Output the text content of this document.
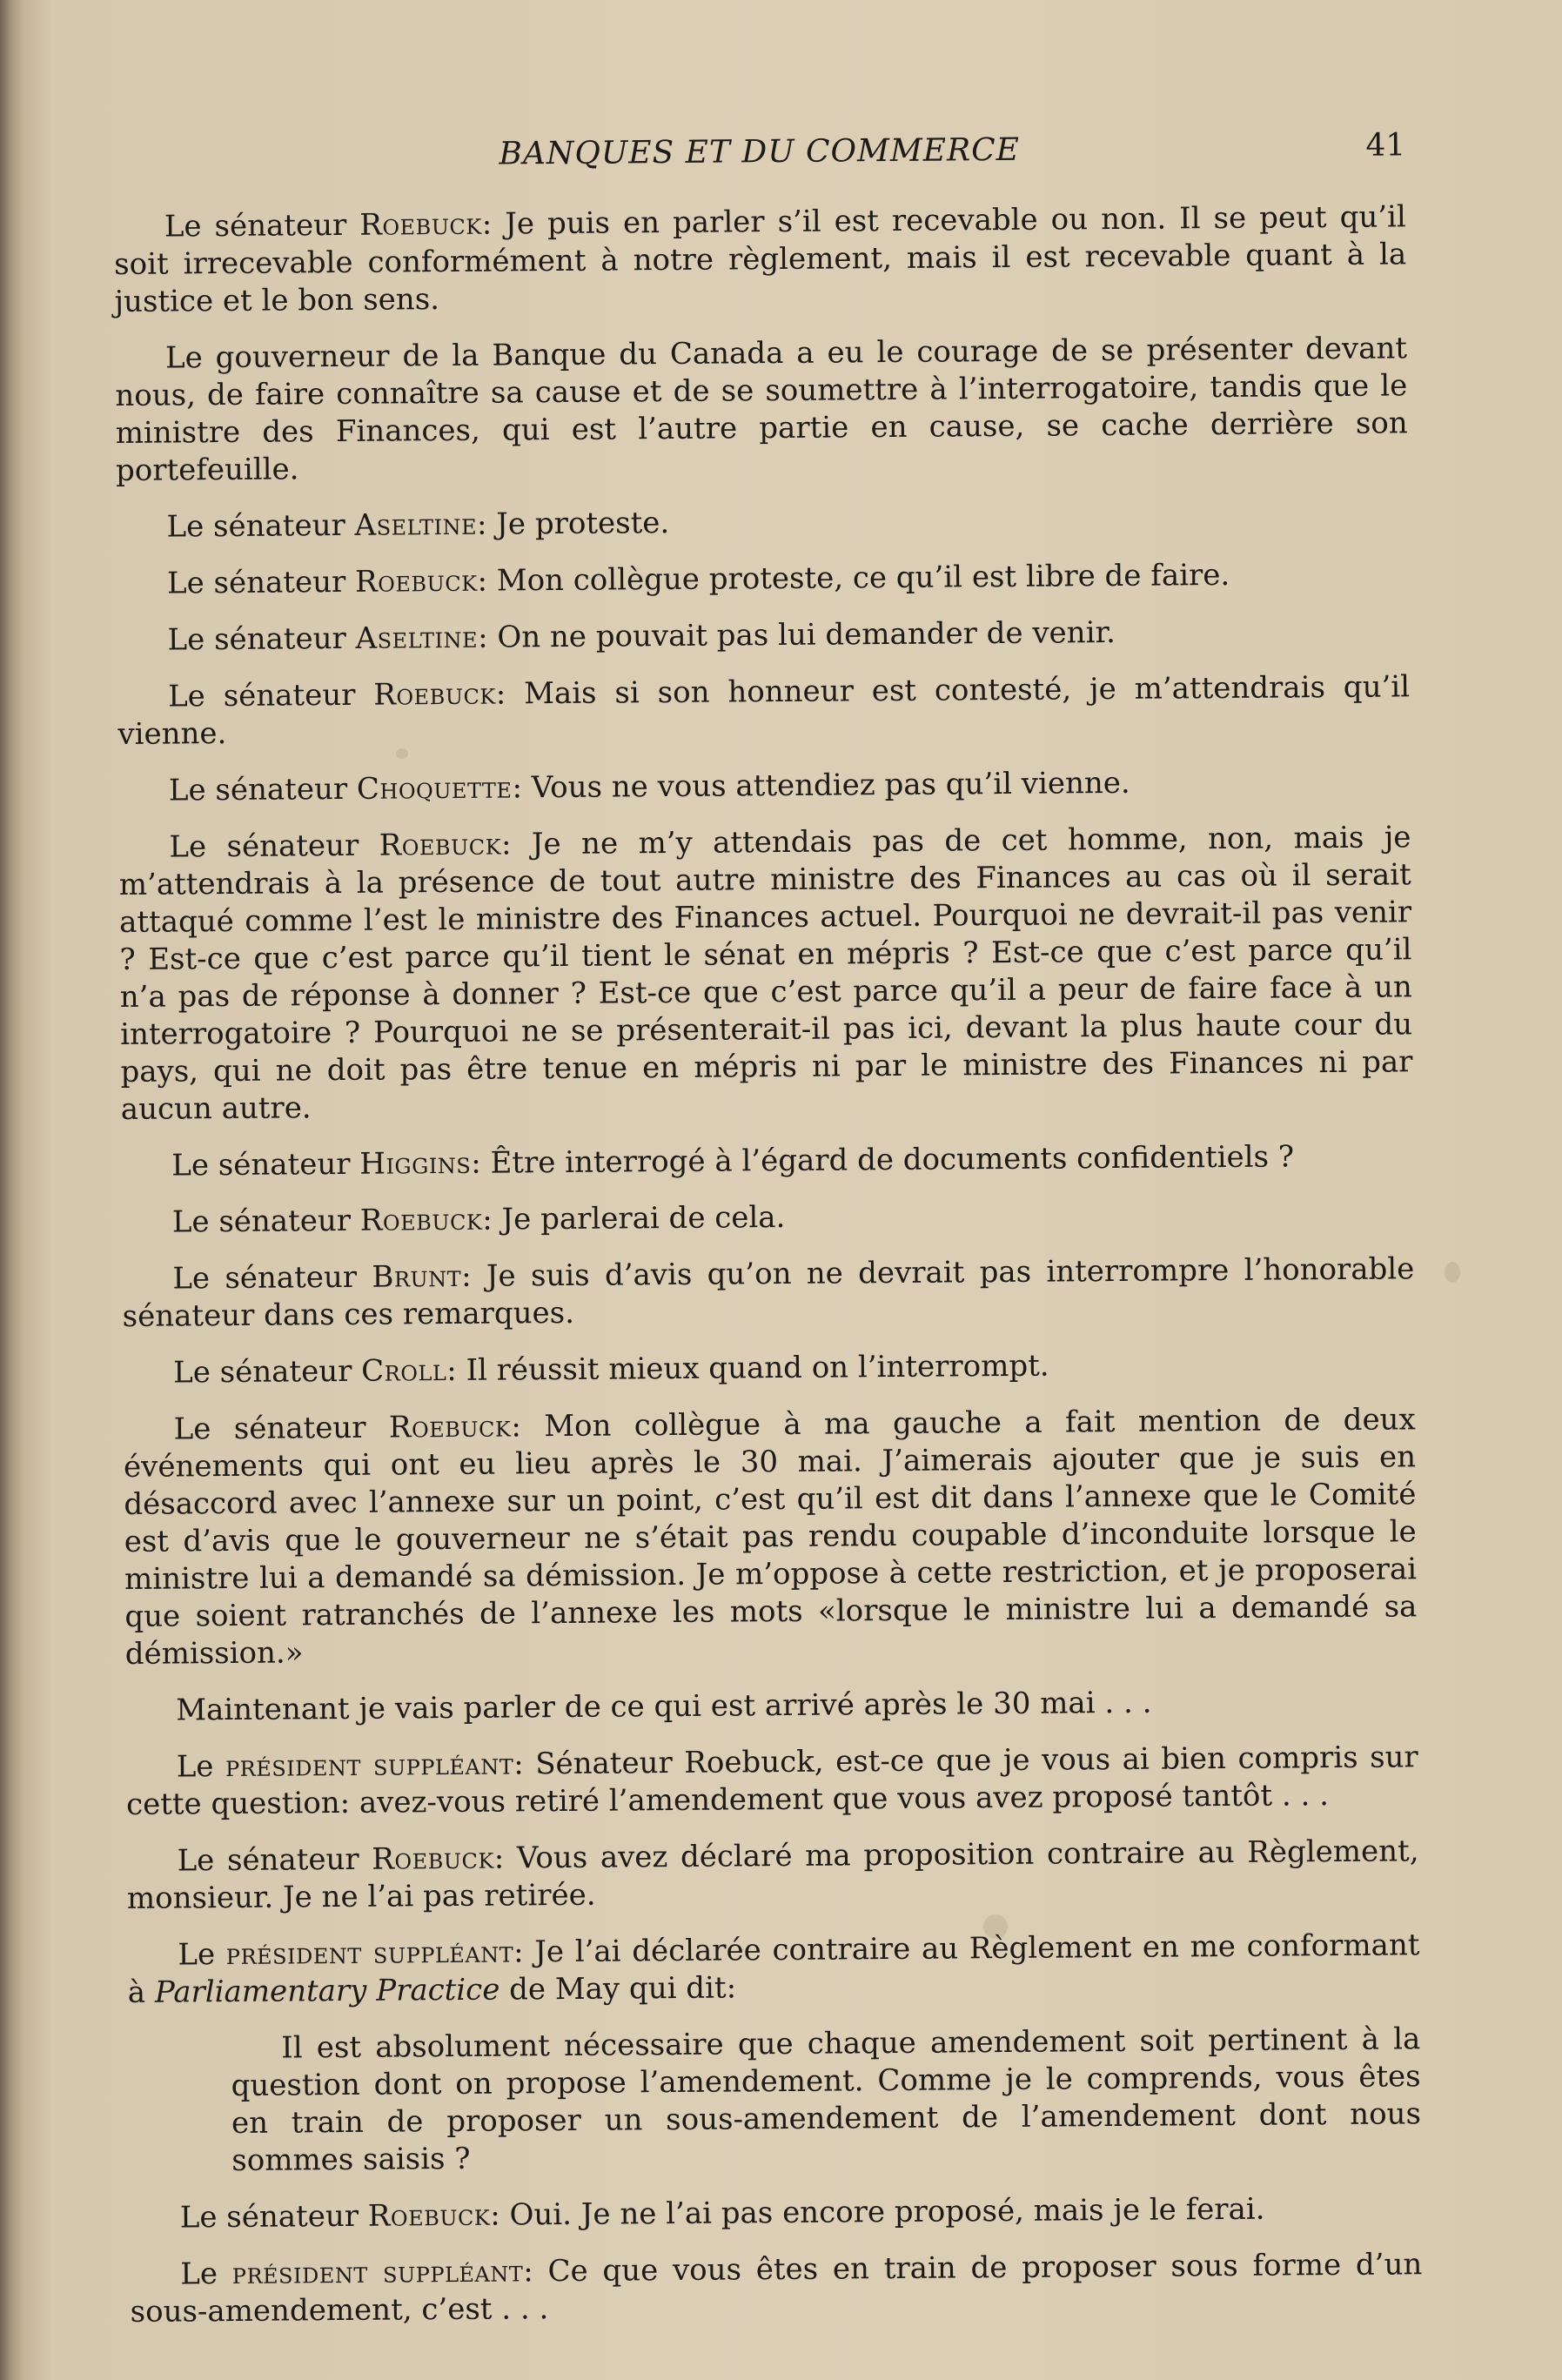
BANQUES ET DU COMMERCE	41

Le sénateur Roebuck: Je puis en parler s’il est recevable ou non. Il se peut qu’il soit irrecevable conformément à notre règlement, mais il est recevable quant à la justice et le bon sens.

Le gouverneur de la Banque du Canada a eu le courage de se présenter devant nous, de faire connaître sa cause et de se soumettre à l’interrogatoire, tandis que le ministre des Finances, qui est l’autre partie en cause, se cache derrière son portefeuille.

Le sénateur Aseltine: Je proteste.

Le sénateur Roebuck: Mon collègue proteste, ce qu’il est libre de faire.

Le sénateur Aseltine: On ne pouvait pas lui demander de venir.

Le sénateur Roebuck: Mais si son honneur est contesté, je m’attendrais qu’il vienne.

Le sénateur Choquette: Vous ne vous attendiez pas qu’il vienne.

Le sénateur Roebuck: Je ne m’y attendais pas de cet homme, non, mais je m’attendrais à la présence de tout autre ministre des Finances au cas où il serait attaqué comme l’est le ministre des Finances actuel. Pourquoi ne devrait-il pas venir ? Est-ce que c’est parce qu’il tient le sénat en mépris ? Est-ce que c’est parce qu’il n’a pas de réponse à donner ? Est-ce que c’est parce qu’il a peur de faire face à un interrogatoire ? Pourquoi ne se présenterait-il pas ici, devant la plus haute cour du pays, qui ne doit pas être tenue en mépris ni par le ministre des Finances ni par aucun autre.

Le sénateur Higgins: Être interrogé à l’égard de documents confidentiels ?

Le sénateur Roebuck: Je parlerai de cela.

Le sénateur Brunt: Je suis d’avis qu’on ne devrait pas interrompre l’honorable sénateur dans ces remarques.

Le sénateur Croll: Il réussit mieux quand on l’interrompt.

Le sénateur Roebuck: Mon collègue à ma gauche a fait mention de deux événements qui ont eu lieu après le 30 mai. J’aimerais ajouter que je suis en désaccord avec l’annexe sur un point, c’est qu’il est dit dans l’annexe que le Comité est d’avis que le gouverneur ne s’était pas rendu coupable d’inconduite lorsque le ministre lui a demandé sa démission. Je m’oppose à cette restriction, et je proposerai que soient ratranchés de l’annexe les mots «lorsque le ministre lui a demandé sa démission.»

Maintenant je vais parler de ce qui est arrivé après le 30 mai . . .

Le président suppléant: Sénateur Roebuck, est-ce que je vous ai bien compris sur cette question: avez-vous retiré l’amendement que vous avez proposé tantôt . . .

Le sénateur Roebuck: Vous avez déclaré ma proposition contraire au Règlement, monsieur. Je ne l’ai pas retirée.

Le président suppléant: Je l’ai déclarée contraire au Règlement en me conformant à Parliamentary Practice de May qui dit:

Il est absolument nécessaire que chaque amendement soit pertinent à la question dont on propose l’amendement. Comme je le comprends, vous êtes en train de proposer un sous-amendement de l’amendement dont nous sommes saisis ?

Le sénateur Roebuck: Oui. Je ne l’ai pas encore proposé, mais je le ferai.

Le président suppléant: Ce que vous êtes en train de proposer sous forme d’un sous-amendement, c’est . . .
